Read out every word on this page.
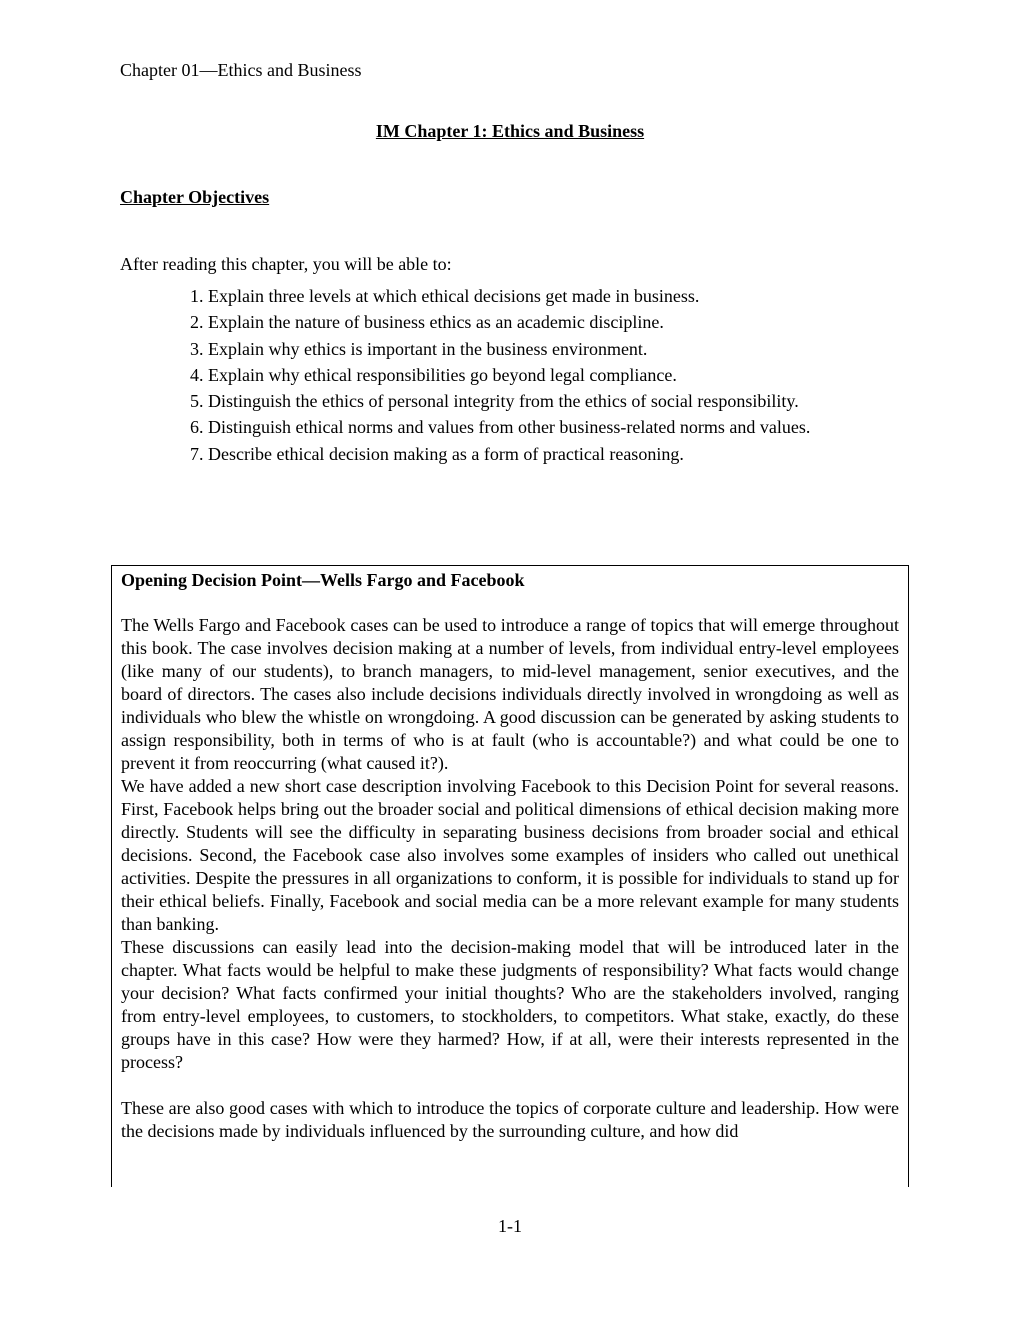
Chapter 01—Ethics and Business
IM Chapter 1: Ethics and Business
Chapter Objectives
After reading this chapter, you will be able to:
1. Explain three levels at which ethical decisions get made in business.
2. Explain the nature of business ethics as an academic discipline.
3. Explain why ethics is important in the business environment.
4. Explain why ethical responsibilities go beyond legal compliance.
5. Distinguish the ethics of personal integrity from the ethics of social responsibility.
6. Distinguish ethical norms and values from other business-related norms and values.
7. Describe ethical decision making as a form of practical reasoning.

Opening Decision Point—Wells Fargo and Facebook

The Wells Fargo and Facebook cases can be used to introduce a range of topics that will emerge throughout this book. The case involves decision making at a number of levels, from individual entry-level employees (like many of our students), to branch managers, to mid-level management, senior executives, and the board of directors. The cases also include decisions individuals directly involved in wrongdoing as well as individuals who blew the whistle on wrongdoing. A good discussion can be generated by asking students to assign responsibility, both in terms of who is at fault (who is accountable?) and what could be one to prevent it from reoccurring (what caused it?).

We have added a new short case description involving Facebook to this Decision Point for several reasons. First, Facebook helps bring out the broader social and political dimensions of ethical decision making more directly. Students will see the difficulty in separating business decisions from broader social and ethical decisions. Second, the Facebook case also involves some examples of insiders who called out unethical activities. Despite the pressures in all organizations to conform, it is possible for individuals to stand up for their ethical beliefs. Finally, Facebook and social media can be a more relevant example for many students than banking.

These discussions can easily lead into the decision-making model that will be introduced later in the chapter. What facts would be helpful to make these judgments of responsibility? What facts would change your decision? What facts confirmed your initial thoughts? Who are the stakeholders involved, ranging from entry-level employees, to customers, to stockholders, to competitors. What stake, exactly, do these groups have in this case? How were they harmed? How, if at all, were their interests represented in the process?

These are also good cases with which to introduce the topics of corporate culture and leadership. How were the decisions made by individuals influenced by the surrounding culture, and how did

1-1
